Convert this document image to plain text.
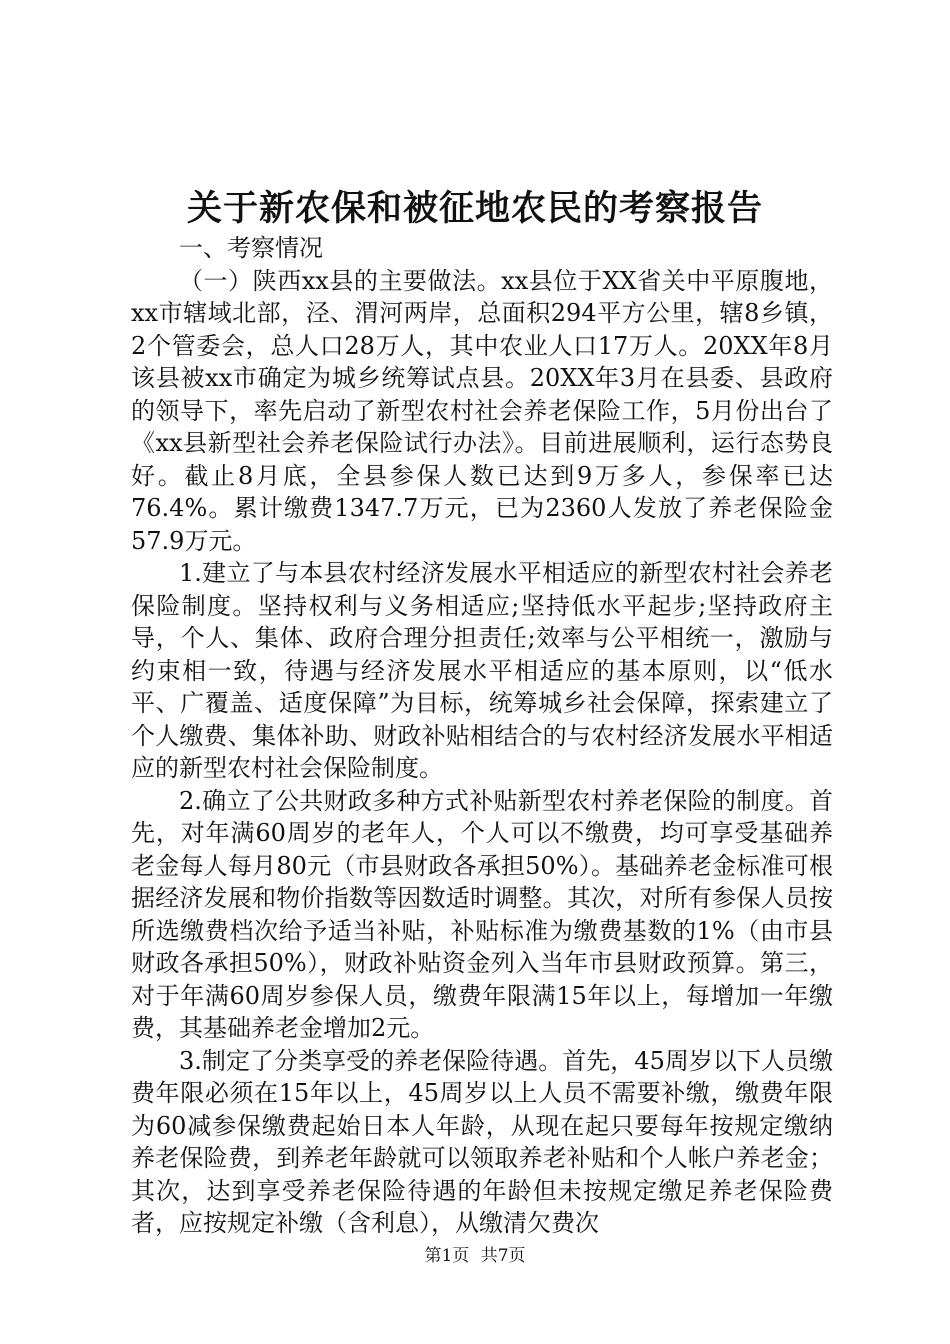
关于新农保和被征地农民的考察报告

一、考察情况

（一）陕西xx县的主要做法。xx县位于XX省关中平原腹地，xx市辖域北部，泾、渭河两岸，总面积294平方公里，辖8乡镇，2个管委会，总人口28万人，其中农业人口17万人。20XX年8月该县被xx市确定为城乡统筹试点县。20XX年3月在县委、县政府的领导下，率先启动了新型农村社会养老保险工作，5月份出台了《xx县新型社会养老保险试行办法》。目前进展顺利，运行态势良好。截止8月底，全县参保人数已达到9万多人，参保率已达76.4%。累计缴费1347.7万元，已为2360人发放了养老保险金57.9万元。

1.建立了与本县农村经济发展水平相适应的新型农村社会养老保险制度。坚持权利与义务相适应;坚持低水平起步;坚持政府主导，个人、集体、政府合理分担责任;效率与公平相统一，激励与约束相一致，待遇与经济发展水平相适应的基本原则，以“低水平、广覆盖、适度保障”为目标，统筹城乡社会保障，探索建立了个人缴费、集体补助、财政补贴相结合的与农村经济发展水平相适应的新型农村社会保险制度。

2.确立了公共财政多种方式补贴新型农村养老保险的制度。首先，对年满60周岁的老年人，个人可以不缴费，均可享受基础养老金每人每月80元（市县财政各承担50%）。基础养老金标准可根据经济发展和物价指数等因数适时调整。其次，对所有参保人员按所选缴费档次给予适当补贴，补贴标准为缴费基数的1%（由市县财政各承担50%），财政补贴资金列入当年市县财政预算。第三，对于年满60周岁参保人员，缴费年限满15年以上，每增加一年缴费，其基础养老金增加2元。

3.制定了分类享受的养老保险待遇。首先，45周岁以下人员缴费年限必须在15年以上，45周岁以上人员不需要补缴，缴费年限为60减参保缴费起始日本人年龄，从现在起只要每年按规定缴纳养老保险费，到养老年龄就可以领取养老补贴和个人帐户养老金；其次，达到享受养老保险待遇的年龄但未按规定缴足养老保险费者，应按规定补缴（含利息），从缴清欠费次

第1页 共7页
